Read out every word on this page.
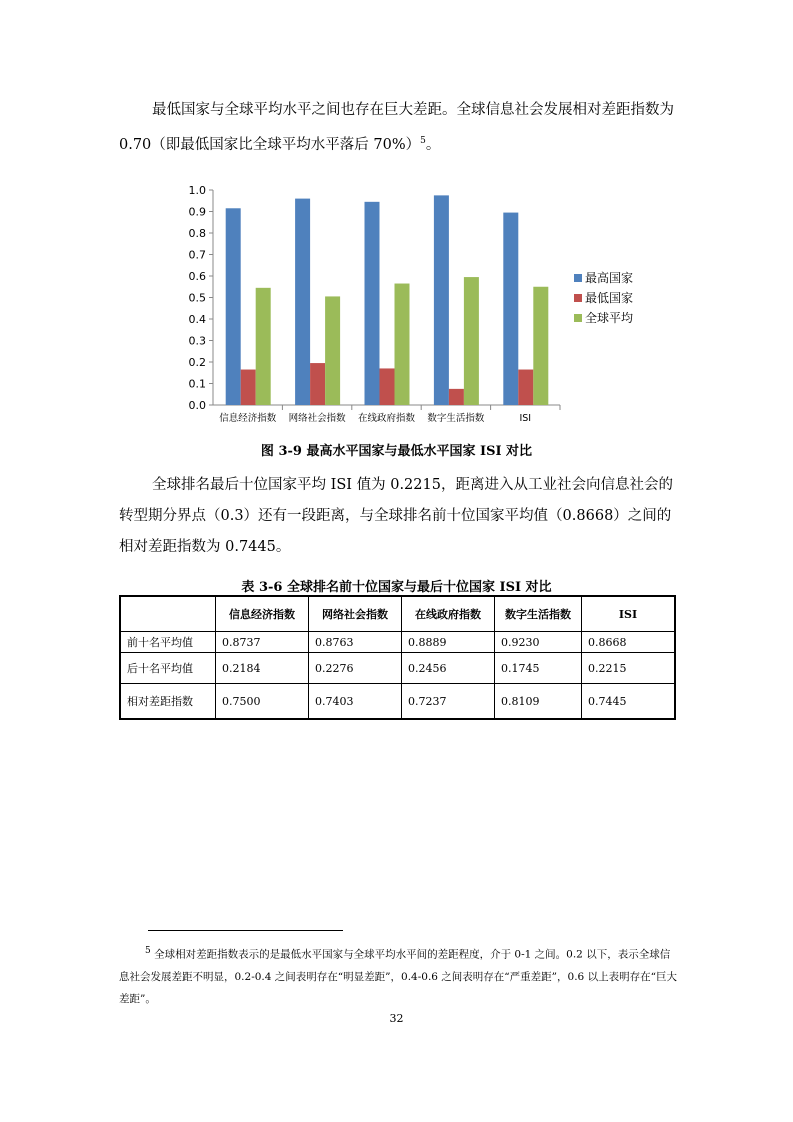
最低国家与全球平均水平之间也存在巨大差距。全球信息社会发展相对差距指数为 0.70（即最低国家比全球平均水平落后 70%）$^5$。

0.0
0.1
0.2
0.3
0.4
0.5
0.6
0.7
0.8
0.9
1.0
信息经济指数 网络社会指数 在线政府指数 数字生活指数	ISI
最高国家
最低国家
全球平均
图 3-9 最高水平国家与最低水平国家 ISI 对比

全球排名最后十位国家平均 ISI 值为 0.2215，距离进入从工业社会向信息社会的转型期分界点（0.3）还有一段距离，与全球排名前十位国家平均值（0.8668）之间的相对差距指数为 0.7445。

表 3-6 全球排名前十位国家与最后十位国家 ISI 对比
	信息经济指数	网络社会指数	在线政府指数	数字生活指数	ISI
前十名平均值	0.8737	0.8763	0.8889	0.9230	0.8668
后十名平均值	0.2184	0.2276	0.2456	0.1745	0.2215
相对差距指数	0.7500	0.7403	0.7237	0.8109	0.7445
$^5$ 全球相对差距指数表示的是最低水平国家与全球平均水平间的差距程度，介于 0-1 之间。0.2 以下，表示全球信息社会发展差距不明显，0.2-0.4 之间表明存在“明显差距”，0.4-0.6 之间表明存在“严重差距”，0.6 以上表明存在“巨大差距”。
32
